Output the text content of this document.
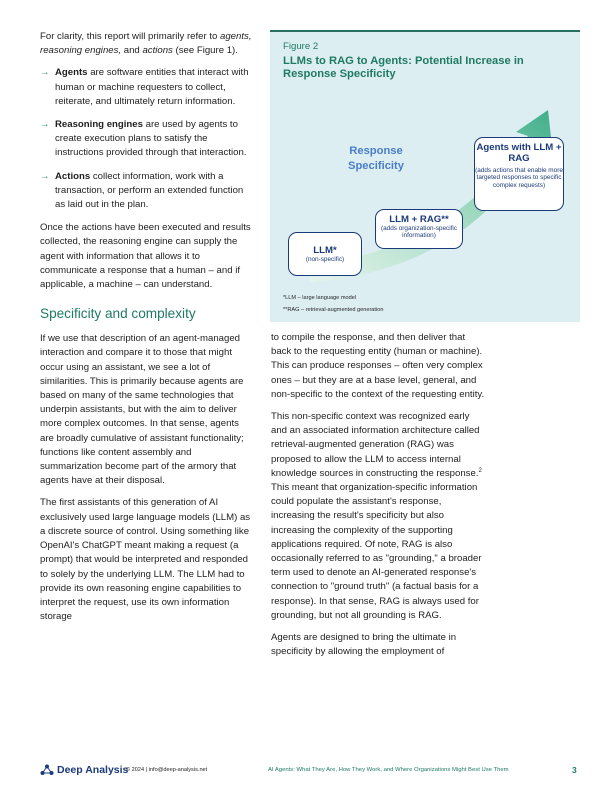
For clarity, this report will primarily refer to agents, reasoning engines, and actions (see Figure 1).

→ Agents are software entities that interact with human or machine requesters to collect, reiterate, and ultimately return information.
→ Reasoning engines are used by agents to create execution plans to satisfy the instructions provided through that interaction.
→ Actions collect information, work with a transaction, or perform an extended function as laid out in the plan.

Once the actions have been executed and results collected, the reasoning engine can supply the agent with information that allows it to communicate a response that a human – and if applicable, a machine – can understand.

Specificity and complexity

If we use that description of an agent-managed interaction and compare it to those that might occur using an assistant, we see a lot of similarities. This is primarily because agents are based on many of the same technologies that underpin assistants, but with the aim to deliver more complex outcomes. In that sense, agents are broadly cumulative of assistant functionality; functions like content assembly and summarization become part of the armory that agents have at their disposal.

The first assistants of this generation of AI exclusively used large language models (LLM) as a discrete source of control. Using something like OpenAI's ChatGPT meant making a request (a prompt) that would be interpreted and responded to solely by the underlying LLM. The LLM had to provide its own reasoning engine capabilities to interpret the request, use its own information storage

Figure 2
LLMs to RAG to Agents: Potential Increase in Response Specificity
Response Specificity
LLM*
(non-specific)
LLM + RAG**
(adds organization-specific information)
Agents with LLM + RAG
(adds actions that enable more targeted responses to specific complex requests)
*LLM – large language model
**RAG – retrieval-augmented generation

to compile the response, and then deliver that back to the requesting entity (human or machine). This can produce responses – often very complex ones – but they are at a base level, general, and non-specific to the context of the requesting entity.

This non-specific context was recognized early and an associated information architecture called retrieval-augmented generation (RAG) was proposed to allow the LLM to access internal knowledge sources in constructing the response.$^2$ This meant that organization-specific information could populate the assistant's response, increasing the result's specificity but also increasing the complexity of the supporting applications required. Of note, RAG is also occasionally referred to as "grounding," a broader term used to denote an AI-generated response's connection to "ground truth" (a factual basis for a response). In that sense, RAG is always used for grounding, but not all grounding is RAG.

Agents are designed to bring the ultimate in specificity by allowing the employment of

Deep Analysis
© 2024 | info@deep-analysis.net	AI Agents: What They Are, How They Work, and Where Organizations Might Best Use Them	3
